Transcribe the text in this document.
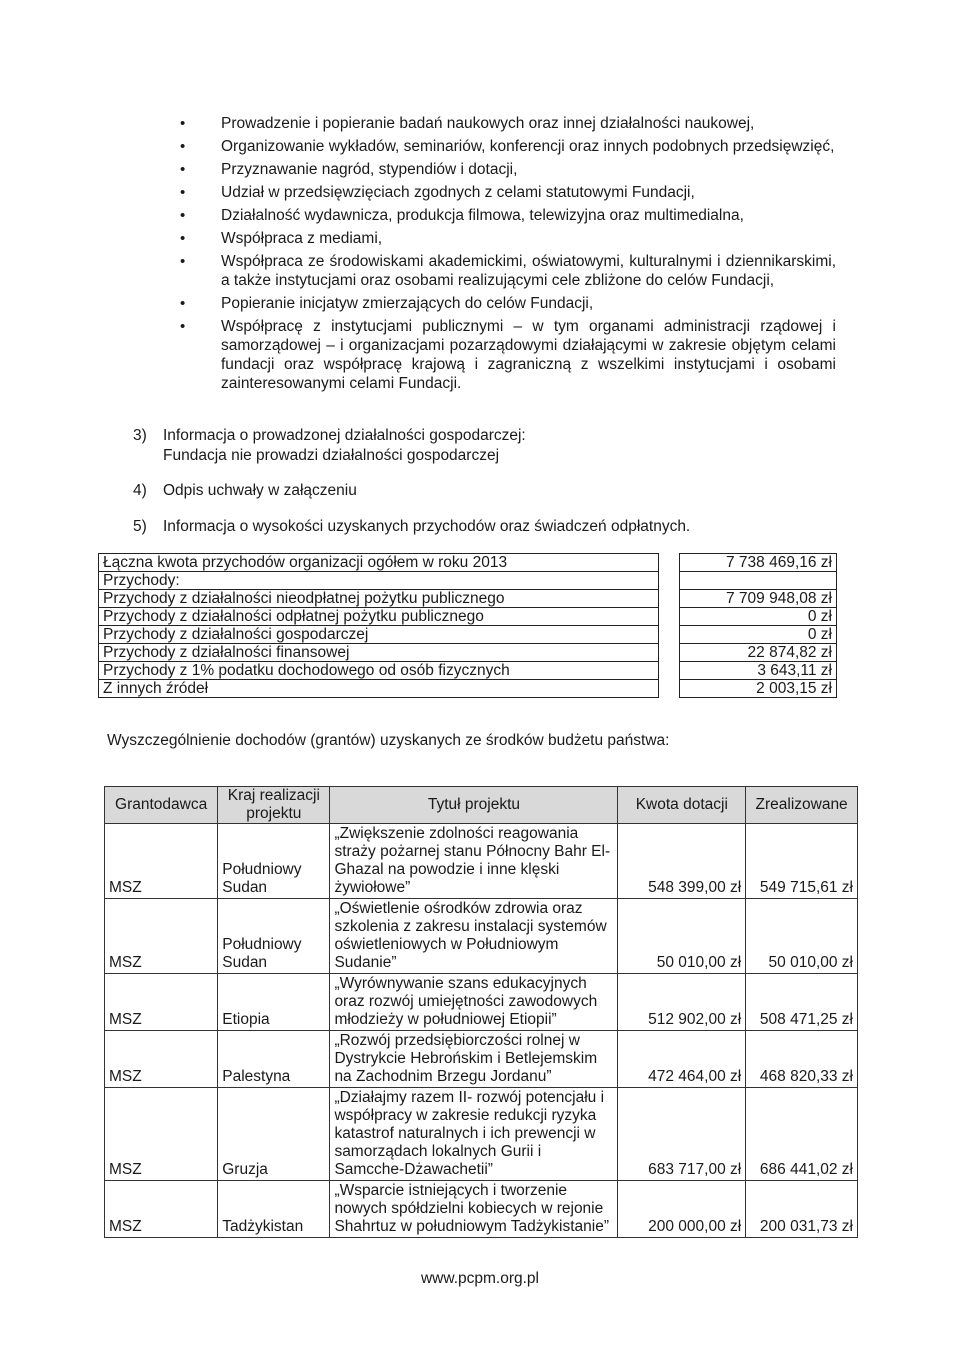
• Prowadzenie i popieranie badań naukowych oraz innej działalności naukowej,
• Organizowanie wykładów, seminariów, konferencji oraz innych podobnych przedsięwzięć,
• Przyznawanie nagród, stypendiów i dotacji,
• Udział w przedsięwzięciach zgodnych z celami statutowymi Fundacji,
• Działalność wydawnicza, produkcja filmowa, telewizyjna oraz multimedialna,
• Współpraca z mediami,
• Współpraca ze środowiskami akademickimi, oświatowymi, kulturalnymi i dziennikarskimi, a także instytucjami oraz osobami realizującymi cele zbliżone do celów Fundacji,
• Popieranie inicjatyw zmierzających do celów Fundacji,
• Współpracę z instytucjami publicznymi – w tym organami administracji rządowej i samorządowej – i organizacjami pozarządowymi działającymi w zakresie objętym celami fundacji oraz współpracę krajową i zagraniczną z wszelkimi instytucjami i osobami zainteresowanymi celami Fundacji.
3) Informacja o prowadzonej działalności gospodarczej:
Fundacja nie prowadzi działalności gospodarczej
4) Odpis uchwały w załączeniu
5) Informacja o wysokości uzyskanych przychodów oraz świadczeń odpłatnych.
Łączna kwota przychodów organizacji ogółem w roku 2013		7 738 469,16 zł
Przychody:		
Przychody z działalności nieodpłatnej pożytku publicznego		7 709 948,08 zł
Przychody z działalności odpłatnej pożytku publicznego		0 zł
Przychody z działalności gospodarczej		0 zł
Przychody z działalności finansowej		22 874,82 zł
Przychody z 1% podatku dochodowego od osób fizycznych		3 643,11 zł
Z innych źródeł		2 003,15 zł
Wyszczególnienie dochodów (grantów) uzyskanych ze środków budżetu państwa:
Grantodawca	Kraj realizacji projektu	Tytuł projektu	Kwota dotacji	Zrealizowane
MSZ	Południowy Sudan	„Zwiększenie zdolności reagowania straży pożarnej stanu Północny Bahr El-Ghazal na powodzie i inne klęski żywiołowe”	548 399,00 zł	549 715,61 zł
MSZ	Południowy Sudan	„Oświetlenie ośrodków zdrowia oraz szkolenia z zakresu instalacji systemów oświetleniowych w Południowym Sudanie”	50 010,00 zł	50 010,00 zł
MSZ	Etiopia	„Wyrównywanie szans edukacyjnych oraz rozwój umiejętności zawodowych młodzieży w południowej Etiopii”	512 902,00 zł	508 471,25 zł
MSZ	Palestyna	„Rozwój przedsiębiorczości rolnej w Dystrykcie Hebrońskim i Betlejemskim na Zachodnim Brzegu Jordanu”	472 464,00 zł	468 820,33 zł
MSZ	Gruzja	„Działajmy razem II- rozwój potencjału i współpracy w zakresie redukcji ryzyka katastrof naturalnych i ich prewencji w samorządach lokalnych Gurii i Samcche-Dżawachetii”	683 717,00 zł	686 441,02 zł
MSZ	Tadżykistan	„Wsparcie istniejących i tworzenie nowych spółdzielni kobiecych w rejonie Shahrtuz w południowym Tadżykistanie”	200 000,00 zł	200 031,73 zł
www.pcpm.org.pl
